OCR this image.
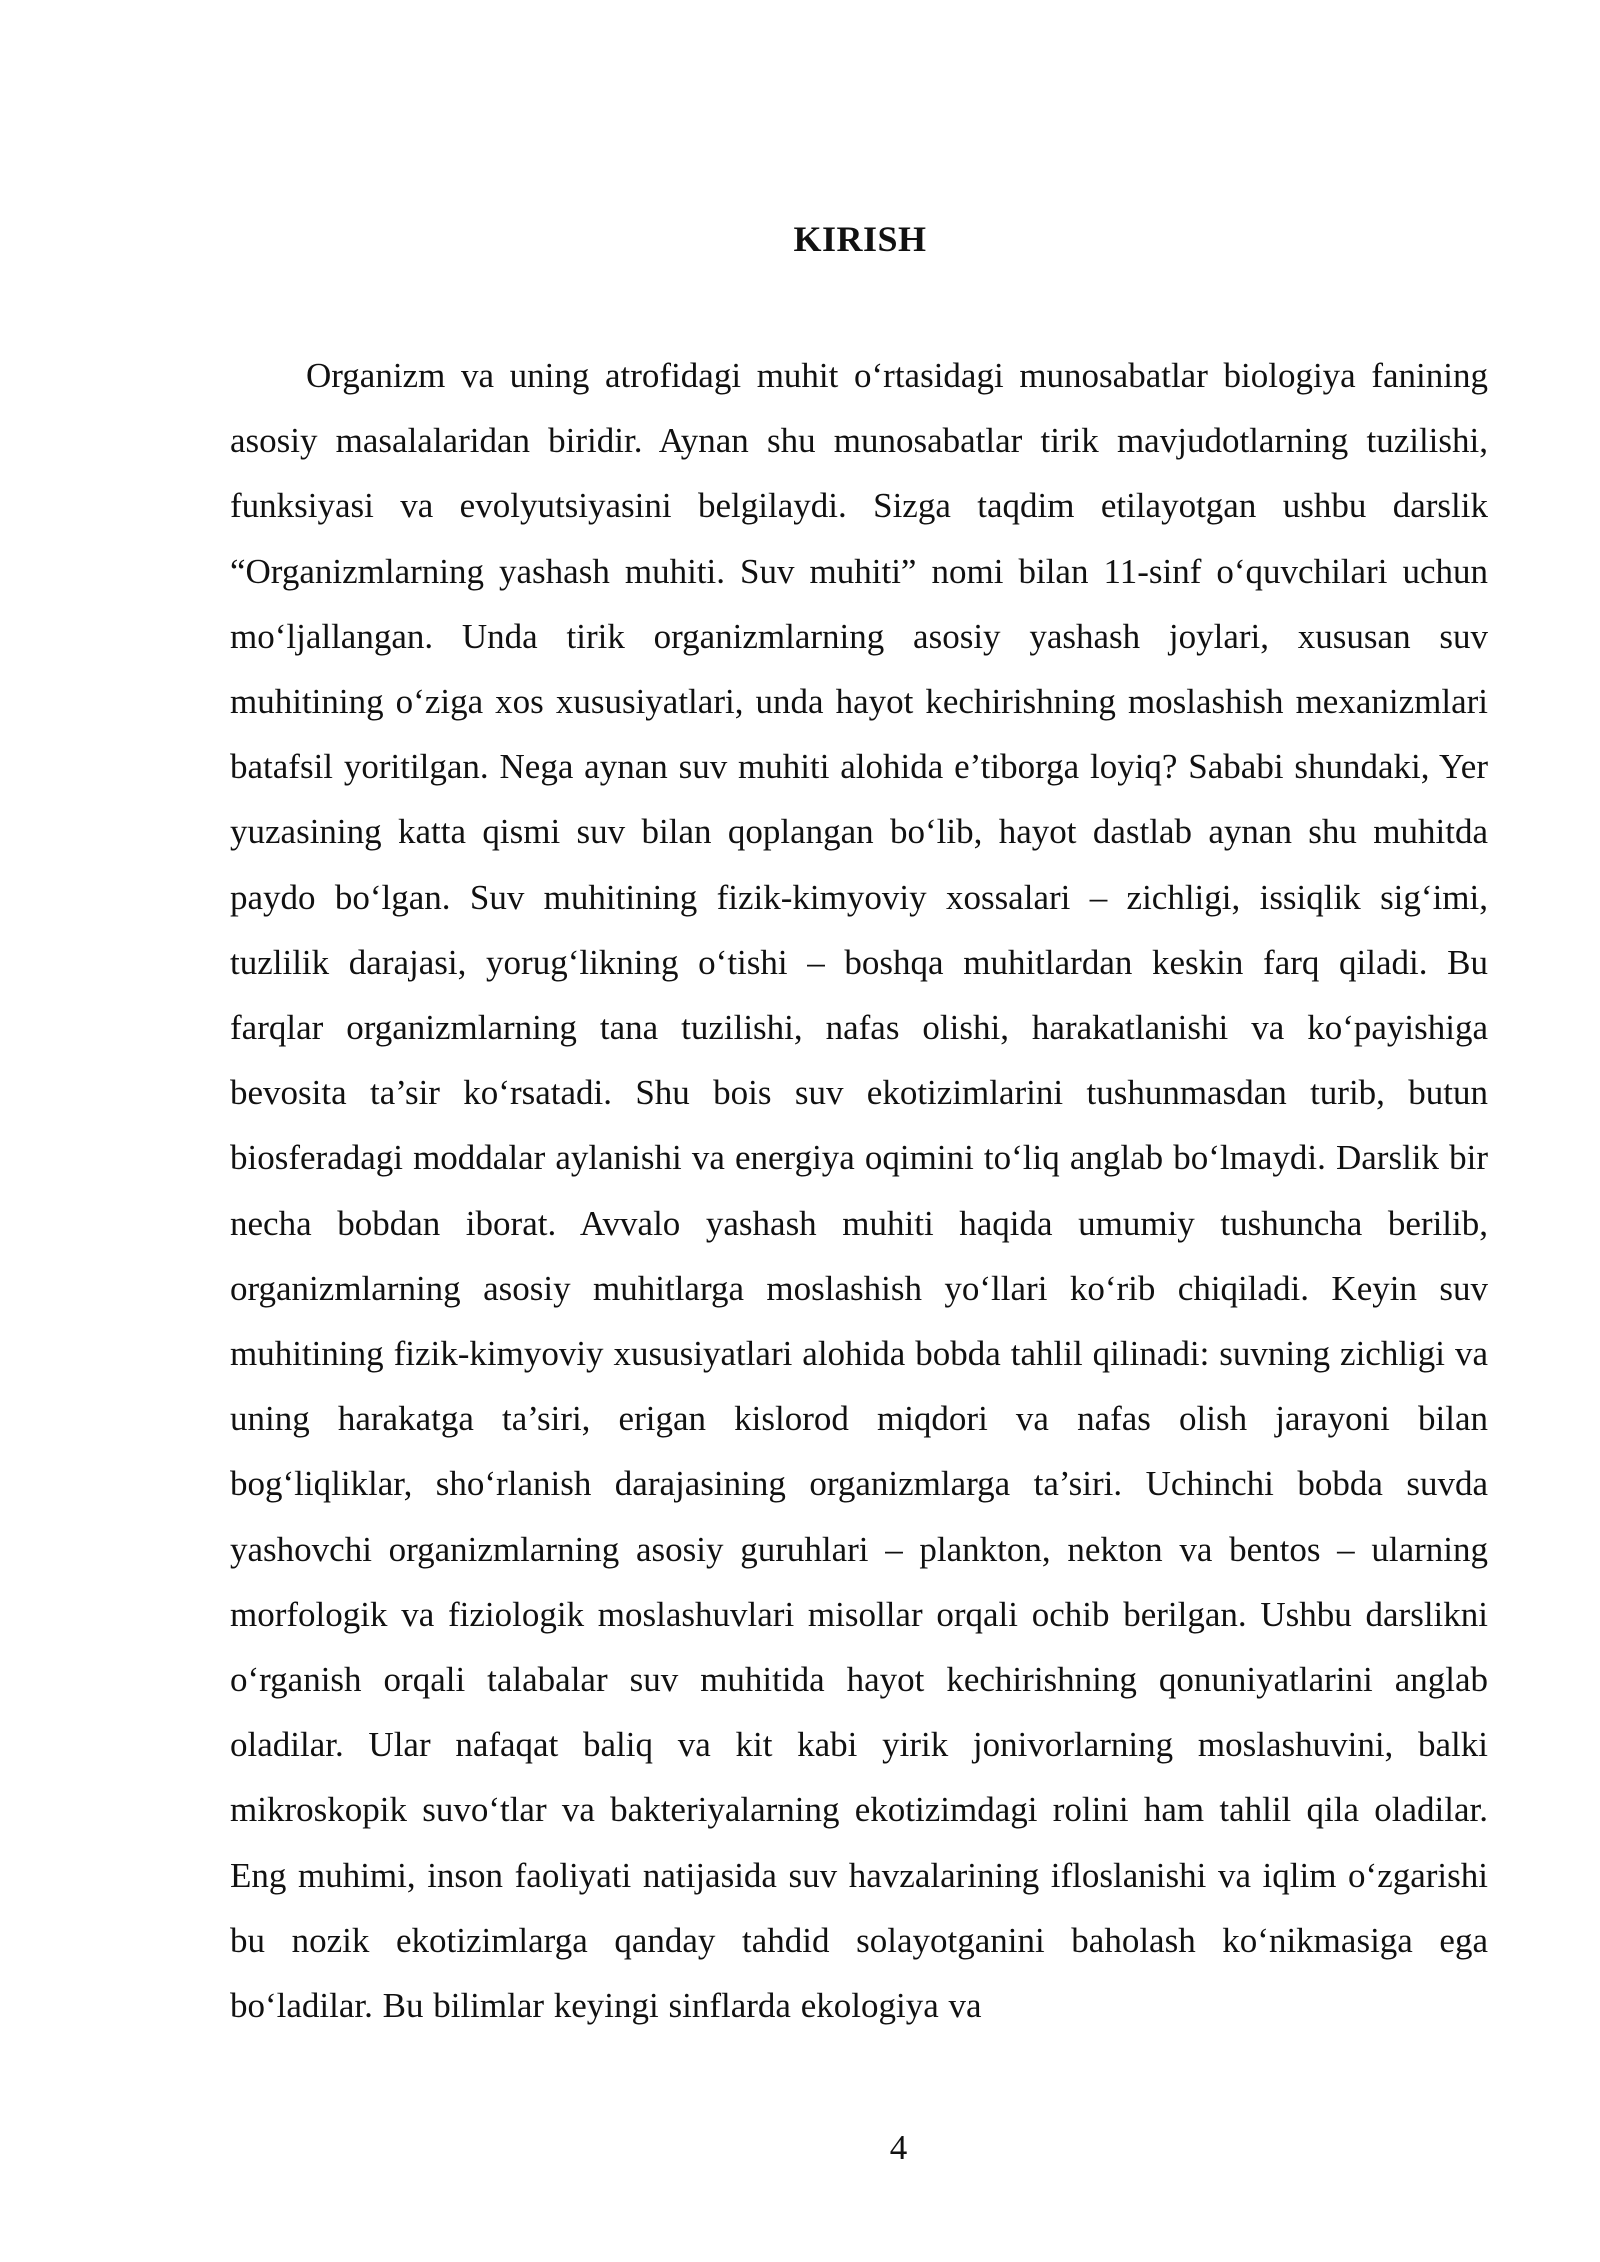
KIRISH

Organizm va uning atrofidagi muhit o‘rtasidagi munosabatlar biologiya fanining asosiy masalalaridan biridir. Aynan shu munosabatlar tirik mavjudotlarning tuzilishi, funksiyasi va evolyutsiyasini belgilaydi. Sizga taqdim etilayotgan ushbu darslik “Organizmlarning yashash muhiti. Suv muhiti” nomi bilan 11-sinf o‘quvchilari uchun mo‘ljallangan. Unda tirik organizmlarning asosiy yashash joylari, xususan suv muhitining o‘ziga xos xususiyatlari, unda hayot kechirishning moslashish mexanizmlari batafsil yoritilgan. Nega aynan suv muhiti alohida e’tiborga loyiq? Sababi shundaki, Yer yuzasining katta qismi suv bilan qoplangan bo‘lib, hayot dastlab aynan shu muhitda paydo bo‘lgan. Suv muhitining fizik-kimyoviy xossalari – zichligi, issiqlik sig‘imi, tuzlilik darajasi, yorug‘likning o‘tishi – boshqa muhitlardan keskin farq qiladi. Bu farqlar organizmlarning tana tuzilishi, nafas olishi, harakatlanishi va ko‘payishiga bevosita ta’sir ko‘rsatadi. Shu bois suv ekotizimlarini tushunmasdan turib, butun biosferadagi moddalar aylanishi va energiya oqimini to‘liq anglab bo‘lmaydi. Darslik bir necha bobdan iborat. Avvalo yashash muhiti haqida umumiy tushuncha berilib, organizmlarning asosiy muhitlarga moslashish yo‘llari ko‘rib chiqiladi. Keyin suv muhitining fizik-kimyoviy xususiyatlari alohida bobda tahlil qilinadi: suvning zichligi va uning harakatga ta’siri, erigan kislorod miqdori va nafas olish jarayoni bilan bog‘liqliklar, sho‘rlanish darajasining organizmlarga ta’siri. Uchinchi bobda suvda yashovchi organizmlarning asosiy guruhlari – plankton, nekton va bentos – ularning morfologik va fiziologik moslashuvlari misollar orqali ochib berilgan. Ushbu darslikni o‘rganish orqali talabalar suv muhitida hayot kechirishning qonuniyatlarini anglab oladilar. Ular nafaqat baliq va kit kabi yirik jonivorlarning moslashuvini, balki mikroskopik suvo‘tlar va bakteriyalarning ekotizimdagi rolini ham tahlil qila oladilar. Eng muhimi, inson faoliyati natijasida suv havzalarining ifloslanishi va iqlim o‘zgarishi bu nozik ekotizimlarga qanday tahdid solayotganini baholash ko‘nikmasiga ega bo‘ladilar. Bu bilimlar keyingi sinflarda ekologiya va

4
